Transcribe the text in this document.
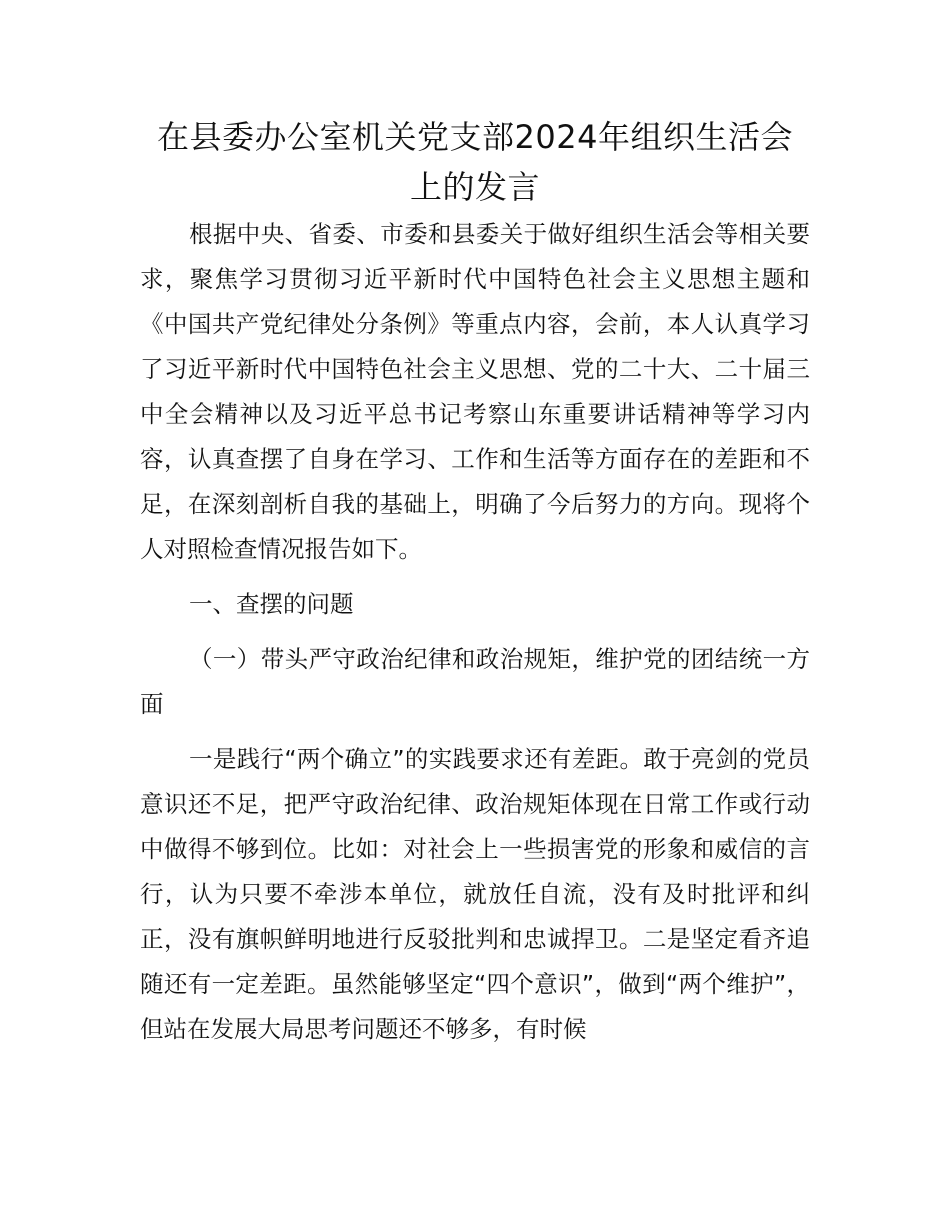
在县委办公室机关党支部2024年组织生活会
上的发言

根据中央、省委、市委和县委关于做好组织生活会等相关要求，聚焦学习贯彻习近平新时代中国特色社会主义思想主题和《中国共产党纪律处分条例》等重点内容，会前，本人认真学习了习近平新时代中国特色社会主义思想、党的二十大、二十届三中全会精神以及习近平总书记考察山东重要讲话精神等学习内容，认真查摆了自身在学习、工作和生活等方面存在的差距和不足，在深刻剖析自我的基础上，明确了今后努力的方向。现将个人对照检查情况报告如下。

一、查摆的问题

（一）带头严守政治纪律和政治规矩，维护党的团结统一方面

一是践行“两个确立”的实践要求还有差距。敢于亮剑的党员意识还不足，把严守政治纪律、政治规矩体现在日常工作或行动中做得不够到位。比如：对社会上一些损害党的形象和威信的言行，认为只要不牵涉本单位，就放任自流，没有及时批评和纠正，没有旗帜鲜明地进行反驳批判和忠诚捍卫。二是坚定看齐追随还有一定差距。虽然能够坚定“四个意识”，做到“两个维护”，但站在发展大局思考问题还不够多，有时候
